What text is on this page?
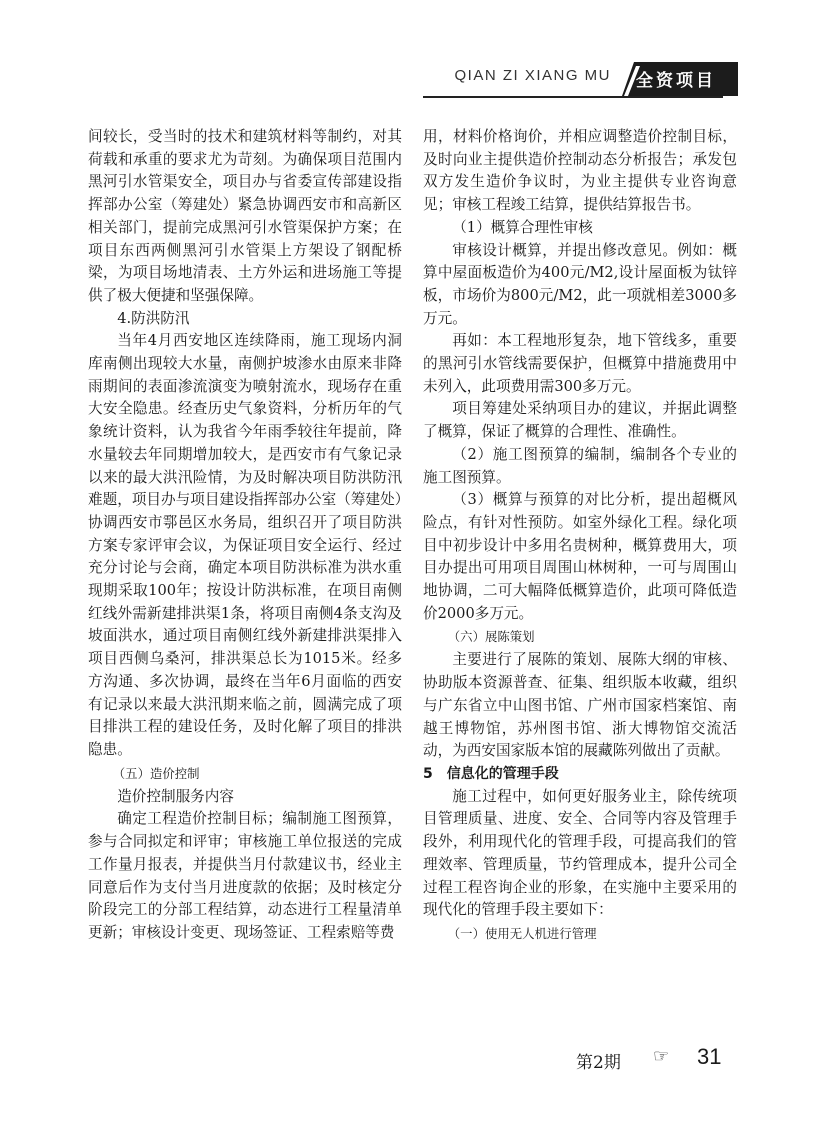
QIAN ZI XIANG MU 全资项目
间较长，受当时的技术和建筑材料等制约，对其荷载和承重的要求尤为苛刻。为确保项目范围内黑河引水管渠安全，项目办与省委宣传部建设指挥部办公室（筹建处）紧急协调西安市和高新区相关部门，提前完成黑河引水管渠保护方案；在项目东西两侧黑河引水管渠上方架设了钢配桥梁，为项目场地清表、土方外运和进场施工等提供了极大便捷和坚强保障。
4.防洪防汛
当年4月西安地区连续降雨，施工现场内洞库南侧出现较大水量，南侧护坡渗水由原来非降雨期间的表面渗流演变为喷射流水，现场存在重大安全隐患。经查历史气象资料，分析历年的气象统计资料，认为我省今年雨季较往年提前，降水量较去年同期增加较大，是西安市有气象记录以来的最大洪汛险情，为及时解决项目防洪防汛难题，项目办与项目建设指挥部办公室（筹建处）协调西安市鄠邑区水务局，组织召开了项目防洪方案专家评审会议，为保证项目安全运行、经过充分讨论与会商，确定本项目防洪标准为洪水重现期采取100年；按设计防洪标准，在项目南侧红线外需新建排洪渠1条，将项目南侧4条支沟及坡面洪水，通过项目南侧红线外新建排洪渠排入项目西侧乌桑河，排洪渠总长为1015米。经多方沟通、多次协调，最终在当年6月面临的西安有记录以来最大洪汛期来临之前，圆满完成了项目排洪工程的建设任务，及时化解了项目的排洪隐患。
（五）造价控制
造价控制服务内容
确定工程造价控制目标；编制施工图预算，参与合同拟定和评审；审核施工单位报送的完成工作量月报表，并提供当月付款建议书，经业主同意后作为支付当月进度款的依据；及时核定分阶段完工的分部工程结算，动态进行工程量清单更新；审核设计变更、现场签证、工程索赔等费
用，材料价格询价，并相应调整造价控制目标，及时向业主提供造价控制动态分析报告；承发包双方发生造价争议时，为业主提供专业咨询意见；审核工程竣工结算，提供结算报告书。
（1）概算合理性审核
审核设计概算，并提出修改意见。例如：概算中屋面板造价为400元/M2,设计屋面板为钛锌板，市场价为800元/M2，此一项就相差3000多万元。
再如：本工程地形复杂，地下管线多，重要的黑河引水管线需要保护，但概算中措施费用中未列入，此项费用需300多万元。
项目筹建处采纳项目办的建议，并据此调整了概算，保证了概算的合理性、准确性。
（2）施工图预算的编制，编制各个专业的施工图预算。
（3）概算与预算的对比分析，提出超概风险点，有针对性预防。如室外绿化工程。绿化项目中初步设计中多用名贵树种，概算费用大，项目办提出可用项目周围山林树种，一可与周围山地协调，二可大幅降低概算造价，此项可降低造价2000多万元。
（六）展陈策划
主要进行了展陈的策划、展陈大纲的审核、协助版本资源普查、征集、组织版本收藏，组织与广东省立中山图书馆、广州市国家档案馆、南越王博物馆，苏州图书馆、浙大博物馆交流活动，为西安国家版本馆的展藏陈列做出了贡献。
5　信息化的管理手段
施工过程中，如何更好服务业主，除传统项目管理质量、进度、安全、合同等内容及管理手段外，利用现代化的管理手段，可提高我们的管理效率、管理质量，节约管理成本，提升公司全过程工程咨询企业的形象，在实施中主要采用的现代化的管理手段主要如下：
（一）使用无人机进行管理
第2期 ☞ 31
